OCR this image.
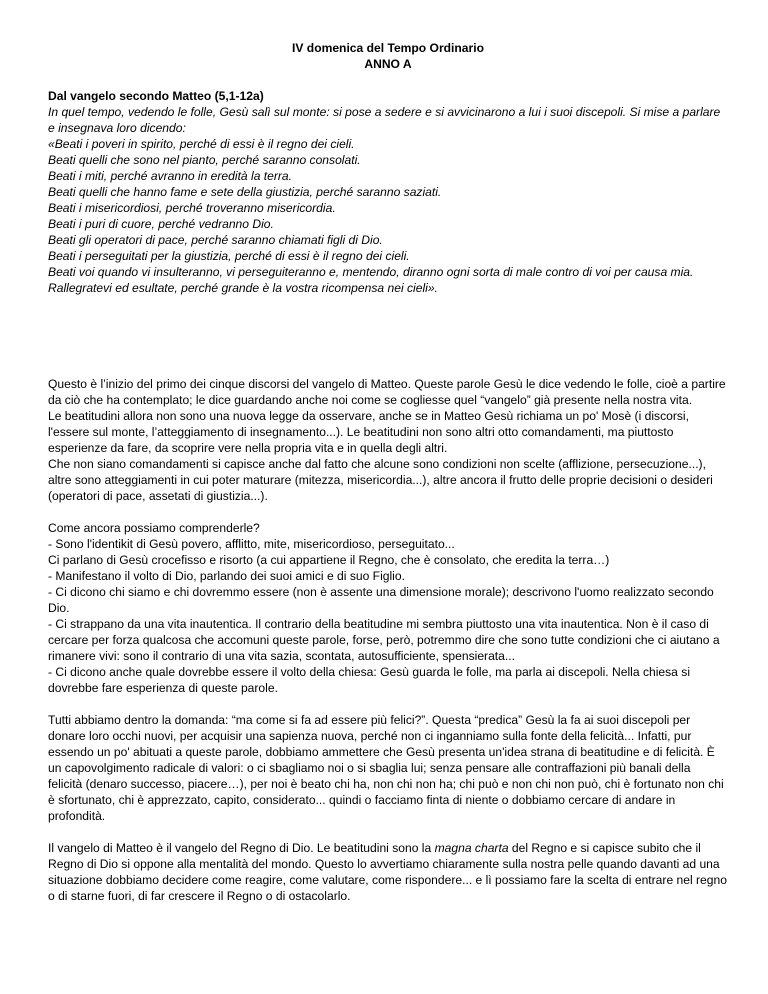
IV domenica del Tempo Ordinario
ANNO A
Dal vangelo secondo Matteo (5,1-12a)
In quel tempo, vedendo le folle, Gesù salì sul monte: si pose a sedere e si avvicinarono a lui i suoi discepoli. Si mise a parlare e insegnava loro dicendo:
«Beati i poveri in spirito, perché di essi è il regno dei cieli.
Beati quelli che sono nel pianto, perché saranno consolati.
Beati i miti, perché avranno in eredità la terra.
Beati quelli che hanno fame e sete della giustizia, perché saranno saziati.
Beati i misericordiosi, perché troveranno misericordia.
Beati i puri di cuore, perché vedranno Dio.
Beati gli operatori di pace, perché saranno chiamati figli di Dio.
Beati i perseguitati per la giustizia, perché di essi è il regno dei cieli.
Beati voi quando vi insulteranno, vi perseguiteranno e, mentendo, diranno ogni sorta di male contro di voi per causa mia. Rallegratevi ed esultate, perché grande è la vostra ricompensa nei cieli».

Questo è l’inizio del primo dei cinque discorsi del vangelo di Matteo. Queste parole Gesù le dice vedendo le folle, cioè a partire da ciò che ha contemplato; le dice guardando anche noi come se cogliesse quel “vangelo” già presente nella nostra vita.

Le beatitudini allora non sono una nuova legge da osservare, anche se in Matteo Gesù richiama un po' Mosè (i discorsi, l'essere sul monte, l’atteggiamento di insegnamento...). Le beatitudini non sono altri otto comandamenti, ma piuttosto esperienze da fare, da scoprire vere nella propria vita e in quella degli altri.

Che non siano comandamenti si capisce anche dal fatto che alcune sono condizioni non scelte (afflizione, persecuzione...), altre sono atteggiamenti in cui poter maturare (mitezza, misericordia...), altre ancora il frutto delle proprie decisioni o desideri (operatori di pace, assetati di giustizia...).

Come ancora possiamo comprenderle?

- Sono l'identikit di Gesù povero, afflitto, mite, misericordioso, perseguitato...

Ci parlano di Gesù crocefisso e risorto (a cui appartiene il Regno, che è consolato, che eredita la terra…)

- Manifestano il volto di Dio, parlando dei suoi amici e di suo Figlio.

- Ci dicono chi siamo e chi dovremmo essere (non è assente una dimensione morale); descrivono l'uomo realizzato secondo Dio.

- Ci strappano da una vita inautentica. Il contrario della beatitudine mi sembra piuttosto una vita inautentica. Non è il caso di cercare per forza qualcosa che accomuni queste parole, forse, però, potremmo dire che sono tutte condizioni che ci aiutano a rimanere vivi: sono il contrario di una vita sazia, scontata, autosufficiente, spensierata...

- Ci dicono anche quale dovrebbe essere il volto della chiesa: Gesù guarda le folle, ma parla ai discepoli. Nella chiesa si dovrebbe fare esperienza di queste parole.

Tutti abbiamo dentro la domanda: “ma come si fa ad essere più felici?”. Questa “predica” Gesù la fa ai suoi discepoli per donare loro occhi nuovi, per acquisir una sapienza nuova, perché non ci inganniamo sulla fonte della felicità... Infatti, pur essendo un po' abituati a queste parole, dobbiamo ammettere che Gesù presenta un'idea strana di beatitudine e di felicità. È un capovolgimento radicale di valori: o ci sbagliamo noi o si sbaglia lui; senza pensare alle contraffazioni più banali della felicità (denaro successo, piacere…), per noi è beato chi ha, non chi non ha; chi può e non chi non può, chi è fortunato non chi è sfortunato, chi è apprezzato, capito, considerato... quindi o facciamo finta di niente o dobbiamo cercare di andare in profondità.

Il vangelo di Matteo è il vangelo del Regno di Dio. Le beatitudini sono la magna charta del Regno e si capisce subito che il Regno di Dio si oppone alla mentalità del mondo. Questo lo avvertiamo chiaramente sulla nostra pelle quando davanti ad una situazione dobbiamo decidere come reagire, come valutare, come rispondere... e lì possiamo fare la scelta di entrare nel regno o di starne fuori, di far crescere il Regno o di ostacolarlo.
